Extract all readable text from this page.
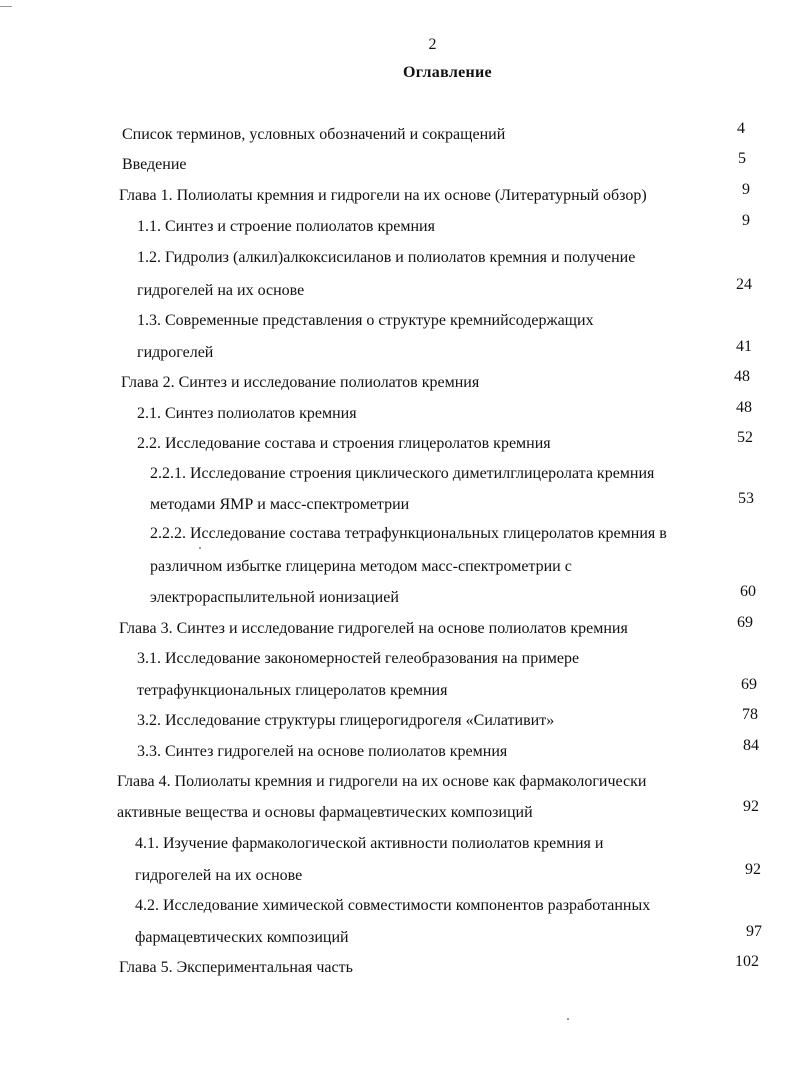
2
Оглавление
Список терминов, условных обозначений и сокращений	4
Введение	5
Глава 1. Полиолаты кремния и гидрогели на их основе (Литературный обзор)	9
1.1. Синтез и строение полиолатов кремния	9
1.2. Гидролиз (алкил)алкоксисиланов и полиолатов кремния и получение
гидрогелей на их основе	24
1.3. Современные представления о структуре кремнийсодержащих
гидрогелей	41
Глава 2. Синтез и исследование полиолатов кремния	48
2.1. Синтез полиолатов кремния	48
2.2. Исследование состава и строения глицеролатов кремния	52
2.2.1. Исследование строения циклического диметилглицеролата кремния
методами ЯМР и масс-спектрометрии	53
2.2.2. Исследование состава тетрафункциональных глицеролатов кремния в
различном избытке глицерина методом масс-спектрометрии с
электрораспылительной ионизацией	60
Глава 3. Синтез и исследование гидрогелей на основе полиолатов кремния	69
3.1. Исследование закономерностей гелеобразования на примере
тетрафункциональных глицеролатов кремния	69
3.2. Исследование структуры глицерогидрогеля «Силативит»	78
3.3. Синтез гидрогелей на основе полиолатов кремния	84
Глава 4. Полиолаты кремния и гидрогели на их основе как фармакологически
активные вещества и основы фармацевтических композиций	92
4.1. Изучение фармакологической активности полиолатов кремния и
гидрогелей на их основе	92
4.2. Исследование химической совместимости компонентов разработанных
фармацевтических композиций	97
Глава 5. Экспериментальная часть	102
